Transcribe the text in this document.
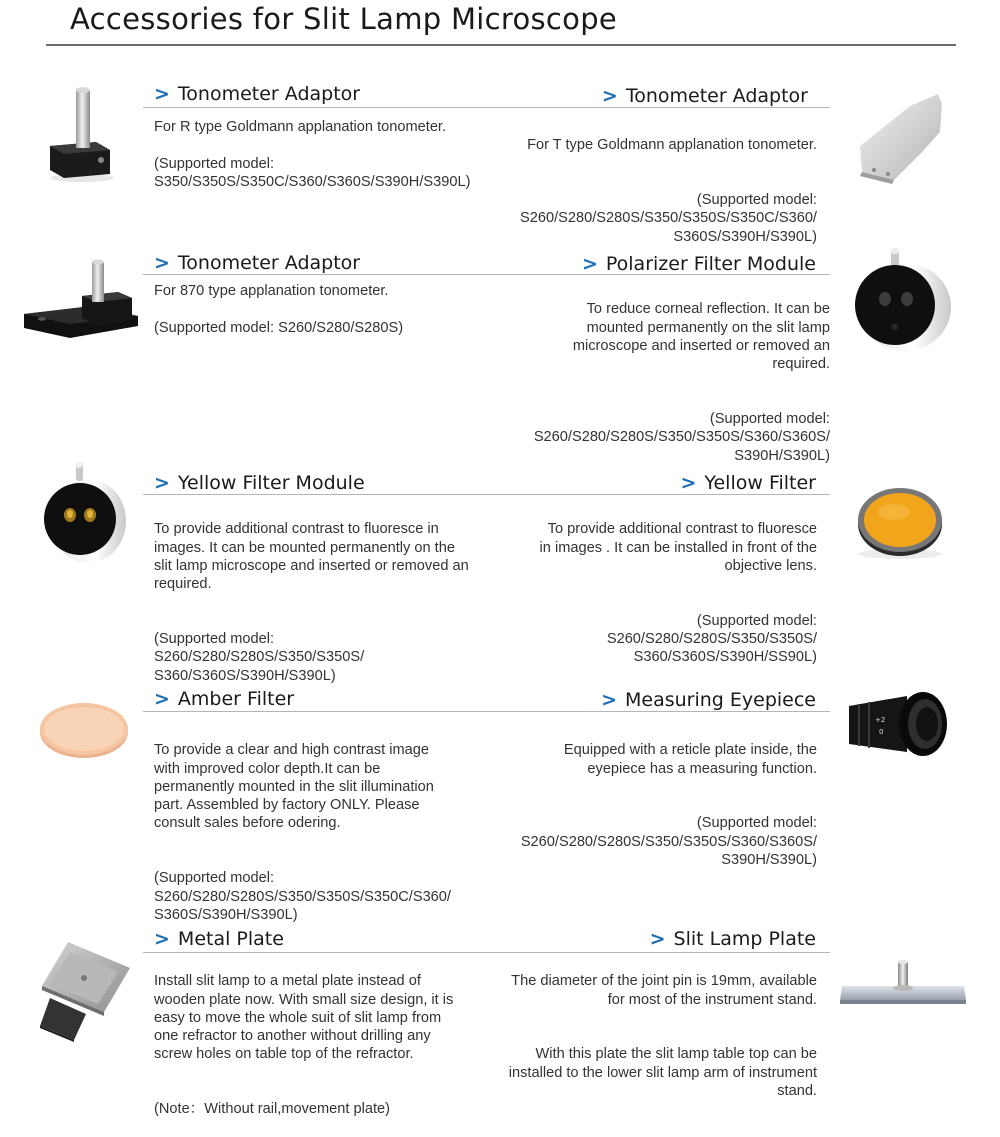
Accessories for Slit Lamp Microscope
> Tonometer Adaptor

For R type Goldmann applanation tonometer.

(Supported model:
S350/S350S/S350C/S360/S360S/S390H/S390L)

> Tonometer Adaptor

For T type Goldmann applanation tonometer.

(Supported model:
S260/S280/S280S/S350/S350S/S350C/S360/
S360S/S390H/S390L)

> Tonometer Adaptor

For 870 type applanation tonometer.

(Supported model: S260/S280/S280S)

> Polarizer Filter Module

To reduce corneal reflection. It can be
mounted permanently on the slit lamp
microscope and inserted or removed an
required.

(Supported model:
S260/S280/S280S/S350/S350S/S360/S360S/
S390H/S390L)

> Yellow Filter Module

To provide additional contrast to fluoresce in
images. It can be mounted permanently on the
slit lamp microscope and inserted or removed an
required.

(Supported model:
S260/S280/S280S/S350/S350S/
S360/S360S/S390H/S390L)

> Yellow Filter

To provide additional contrast to fluoresce
in images . It can be installed in front of the
objective lens.

(Supported model:
S260/S280/S280S/S350/S350S/
S360/S360S/S390H/SS90L)

> Amber Filter

To provide a clear and high contrast image
with improved color depth.It can be
permanently mounted in the slit illumination
part. Assembled by factory ONLY. Please
consult sales before odering.

(Supported model:
S260/S280/S280S/S350/S350S/S350C/S360/
S360S/S390H/S390L)

> Measuring Eyepiece

Equipped with a reticle plate inside, the
eyepiece has a measuring function.

(Supported model:
S260/S280/S280S/S350/S350S/S360/S360S/
S390H/S390L)

+2
0
> Metal Plate

Install slit lamp to a metal plate instead of
wooden plate now. With small size design, it is
easy to move the whole suit of slit lamp from
one refractor to another without drilling any
screw holes on table top of the refractor.

(Note：Without rail,movement plate)

> Slit Lamp Plate

The diameter of the joint pin is 19mm, available
for most of the instrument stand.

With this plate the slit lamp table top can be
installed to the lower slit lamp arm of instrument
stand.
